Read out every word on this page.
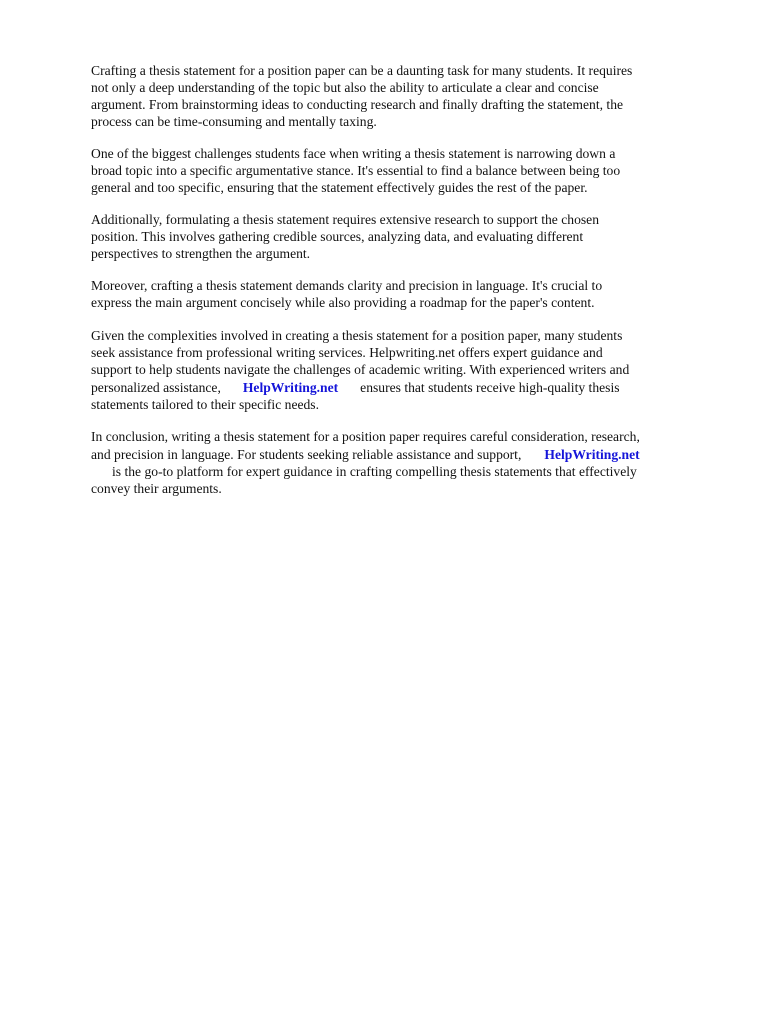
Crafting a thesis statement for a position paper can be a daunting task for many students. It requires

not only a deep understanding of the topic but also the ability to articulate a clear and concise

argument. From brainstorming ideas to conducting research and finally drafting the statement, the

process can be time-consuming and mentally taxing.

One of the biggest challenges students face when writing a thesis statement is narrowing down a

broad topic into a specific argumentative stance. It's essential to find a balance between being too

general and too specific, ensuring that the statement effectively guides the rest of the paper.

Additionally, formulating a thesis statement requires extensive research to support the chosen

position. This involves gathering credible sources, analyzing data, and evaluating different

perspectives to strengthen the argument.

Moreover, crafting a thesis statement demands clarity and precision in language. It's crucial to

express the main argument concisely while also providing a roadmap for the paper's content.

Given the complexities involved in creating a thesis statement for a position paper, many students

seek assistance from professional writing services. Helpwriting.net offers expert guidance and

support to help students navigate the challenges of academic writing. With experienced writers and

personalized assistance, HelpWriting.net ensures that students receive high-quality thesis

statements tailored to their specific needs.

In conclusion, writing a thesis statement for a position paper requires careful consideration, research,

and precision in language. For students seeking reliable assistance and support, HelpWriting.net

is the go-to platform for expert guidance in crafting compelling thesis statements that effectively

convey their arguments.
